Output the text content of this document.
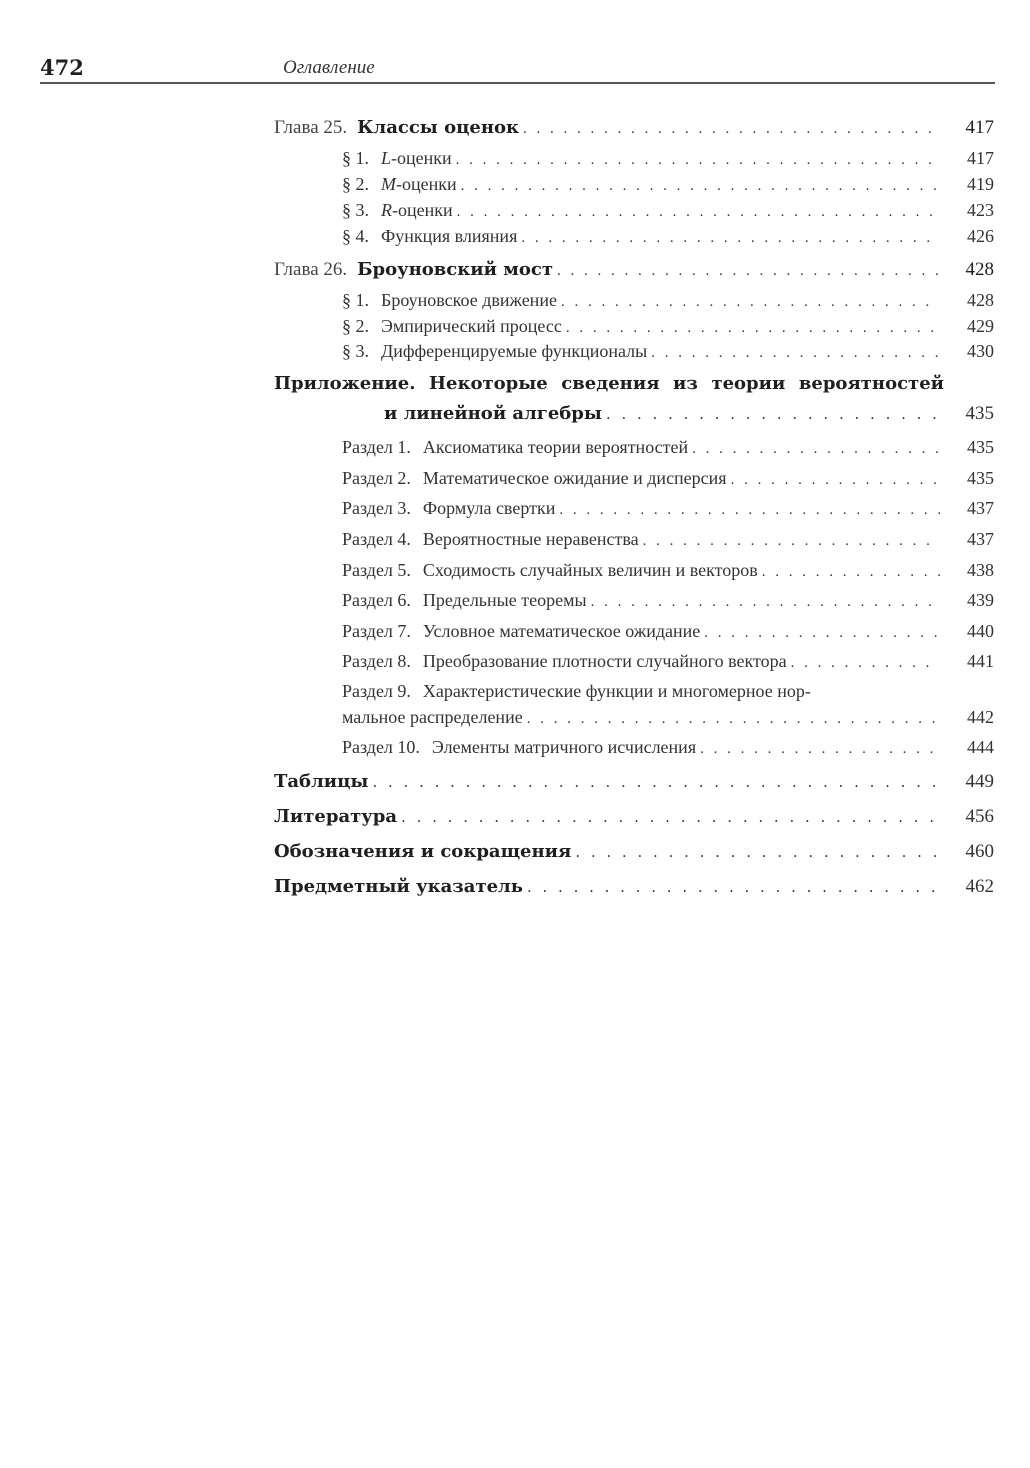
472	Оглавление
Глава 25. Классы оценок . . .	417
§ 1. L-оценки . . .	417
§ 2. M-оценки . . .	419
§ 3. R-оценки . . .	423
§ 4. Функция влияния . . .	426
Глава 26. Броуновский мост . . .	428
§ 1. Броуновское движение . . .	428
§ 2. Эмпирический процесс . . .	429
§ 3. Дифференцируемые функционалы . . .	430
Приложение. Некоторые сведения из теории вероятностей
и линейной алгебры . . .	435
Раздел 1. Аксиоматика теории вероятностей . . .	435
Раздел 2. Математическое ожидание и дисперсия . . .	435
Раздел 3. Формула свертки . . .	437
Раздел 4. Вероятностные неравенства . . .	437
Раздел 5. Сходимость случайных величин и векторов . . .	438
Раздел 6. Предельные теоремы . . .	439
Раздел 7. Условное математическое ожидание . . .	440
Раздел 8. Преобразование плотности случайного вектора . . .	441
Раздел 9. Характеристические функции и многомерное нор-
мальное распределение . . .	442
Раздел 10. Элементы матричного исчисления . . .	444
Таблицы . . .	449
Литература . . .	456
Обозначения и сокращения . . .	460
Предметный указатель . . .	462
